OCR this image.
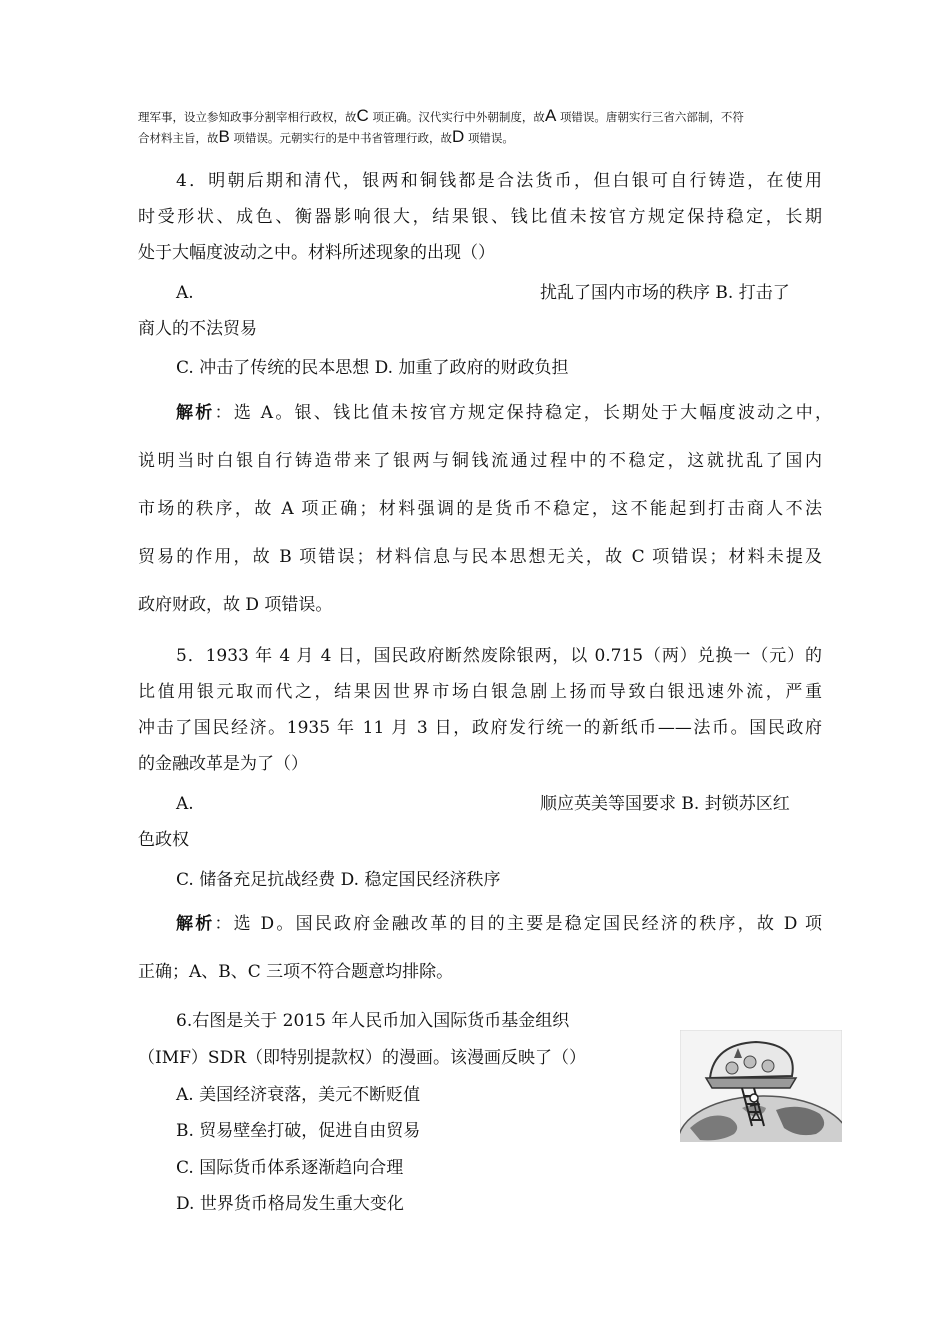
理军事，设立参知政事分割宰相行政权，故C 项正确。汉代实行中外朝制度，故A 项错误。唐朝实行三省六部制，不符
合材料主旨，故B 项错误。元朝实行的是中书省管理行政，故D 项错误。
4．明朝后期和清代，银两和铜钱都是合法货币，但白银可自行铸造，在使用
时受形状、成色、衡器影响很大，结果银、钱比值未按官方规定保持稳定，长期
处于大幅度波动之中。材料所述现象的出现（）
A.	扰乱了国内市场的秩序 B. 打击了
商人的不法贸易
C. 冲击了传统的民本思想 D. 加重了政府的财政负担
解析：选 A。银、钱比值未按官方规定保持稳定，长期处于大幅度波动之中，
说明当时白银自行铸造带来了银两与铜钱流通过程中的不稳定，这就扰乱了国内
市场的秩序，故 A 项正确；材料强调的是货币不稳定，这不能起到打击商人不法
贸易的作用，故 B 项错误；材料信息与民本思想无关，故 C 项错误；材料未提及
政府财政，故 D 项错误。
5．1933 年 4 月 4 日，国民政府断然废除银两，以 0.715（两）兑换一（元）的
比值用银元取而代之，结果因世界市场白银急剧上扬而导致白银迅速外流，严重
冲击了国民经济。1935 年 11 月 3 日，政府发行统一的新纸币——法币。国民政府
的金融改革是为了（）
A.	顺应英美等国要求 B. 封锁苏区红
色政权
C. 储备充足抗战经费 D. 稳定国民经济秩序
解析：选 D。国民政府金融改革的目的主要是稳定国民经济的秩序，故 D 项
正确；A、B、C 三项不符合题意均排除。
6.右图是关于 2015 年人民币加入国际货币基金组织
（IMF）SDR（即特别提款权）的漫画。该漫画反映了（）
A. 美国经济衰落，美元不断贬值
B. 贸易壁垒打破，促进自由贸易
C. 国际货币体系逐渐趋向合理
D. 世界货币格局发生重大变化
